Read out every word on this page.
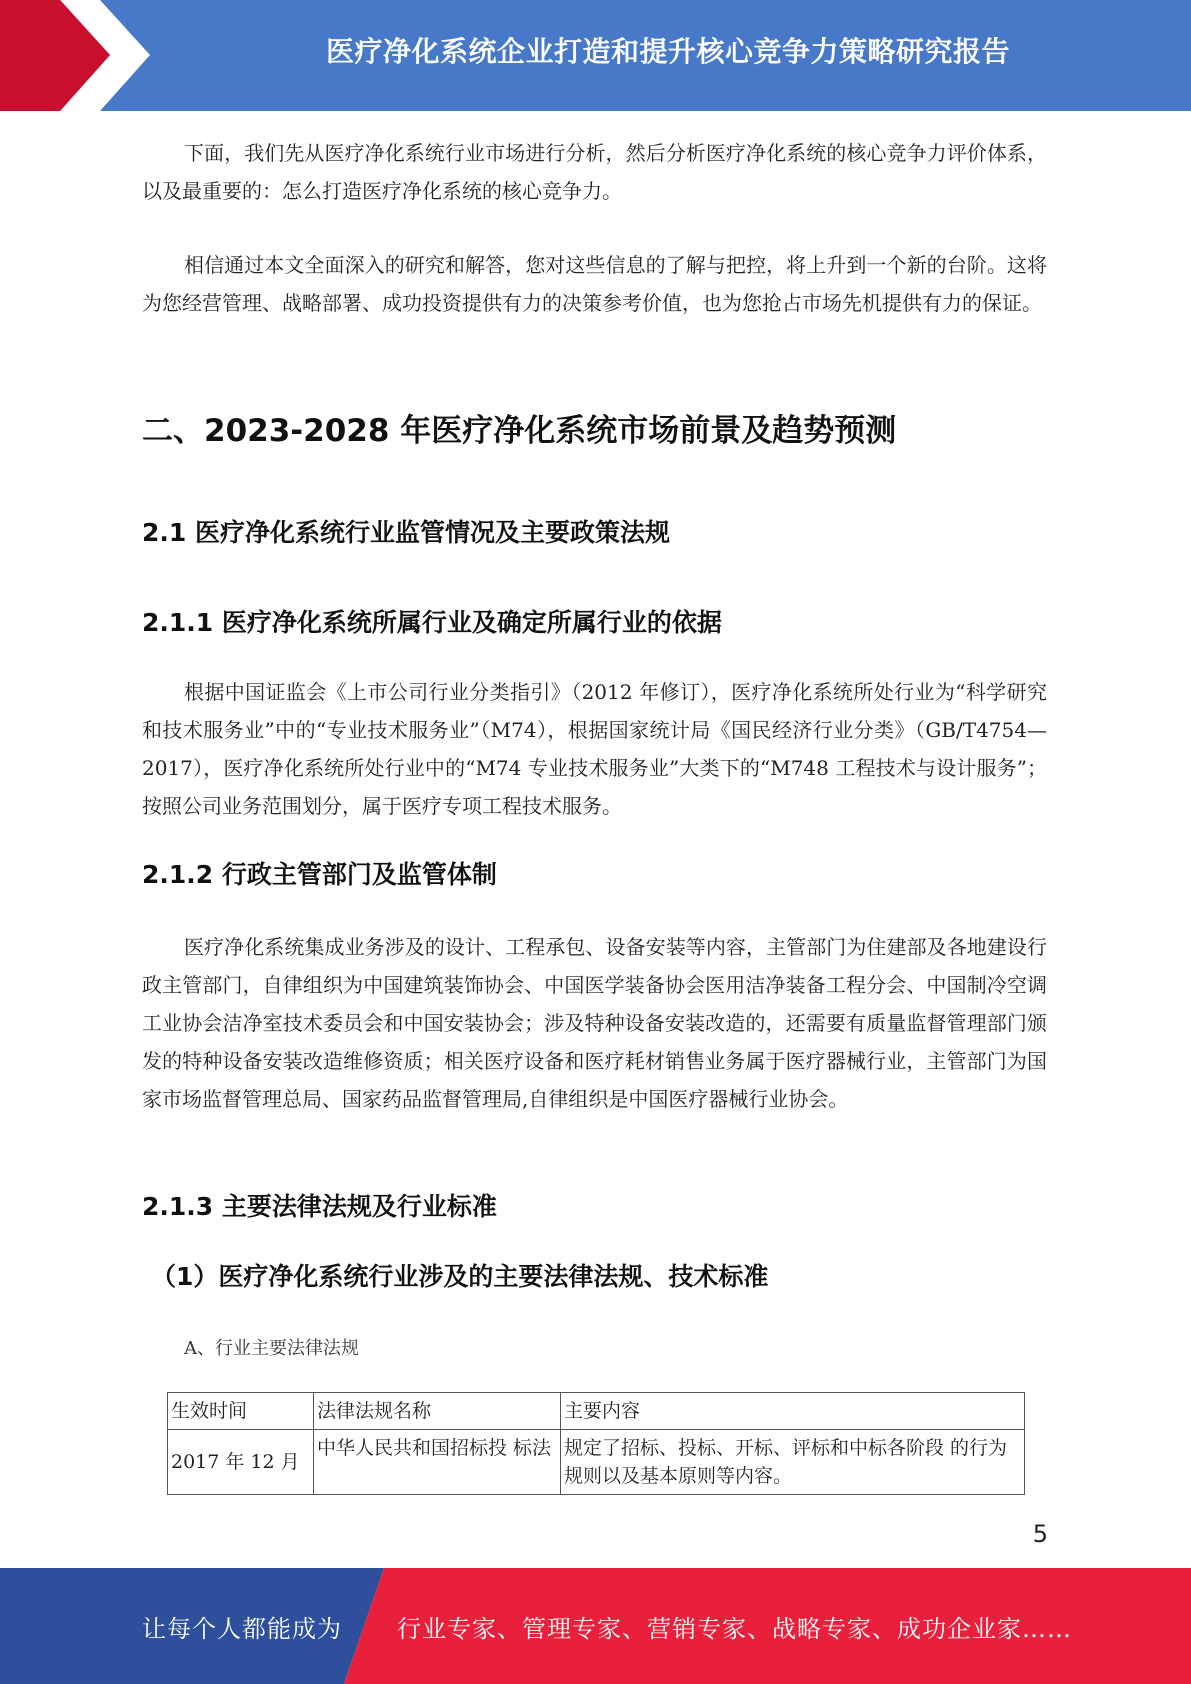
医疗净化系统企业打造和提升核心竞争力策略研究报告

下面，我们先从医疗净化系统行业市场进行分析，然后分析医疗净化系统的核心竞争力评价体系，以及最重要的：怎么打造医疗净化系统的核心竞争力。

相信通过本文全面深入的研究和解答，您对这些信息的了解与把控，将上升到一个新的台阶。这将为您经营管理、战略部署、成功投资提供有力的决策参考价值，也为您抢占市场先机提供有力的保证。

二、2023-2028 年医疗净化系统市场前景及趋势预测
2.1 医疗净化系统行业监管情况及主要政策法规
2.1.1 医疗净化系统所属行业及确定所属行业的依据

根据中国证监会《上市公司行业分类指引》（2012 年修订），医疗净化系统所处行业为“科学研究和技术服务业”中的“专业技术服务业”（M74），根据国家统计局《国民经济行业分类》（GB/T4754—2017），医疗净化系统所处行业中的“M74 专业技术服务业”大类下的“M748 工程技术与设计服务”；按照公司业务范围划分，属于医疗专项工程技术服务。

2.1.2 行政主管部门及监管体制

医疗净化系统集成业务涉及的设计、工程承包、设备安装等内容，主管部门为住建部及各地建设行政主管部门，自律组织为中国建筑装饰协会、中国医学装备协会医用洁净装备工程分会、中国制冷空调工业协会洁净室技术委员会和中国安装协会；涉及特种设备安装改造的，还需要有质量监督管理部门颁发的特种设备安装改造维修资质；相关医疗设备和医疗耗材销售业务属于医疗器械行业，主管部门为国家市场监督管理总局、国家药品监督管理局,自律组织是中国医疗器械行业协会。

2.1.3 主要法律法规及行业标准
（1）医疗净化系统行业涉及的主要法律法规、技术标准
A、行业主要法律法规
生效时间	法律法规名称	主要内容
2017 年 12 月	中华人民共和国招标投 标法	规定了招标、投标、开标、评标和中标各阶段 的行为规则以及基本原则等内容。
5
让每个人都能成为 行业专家、管理专家、营销专家、战略专家、成功企业家……
